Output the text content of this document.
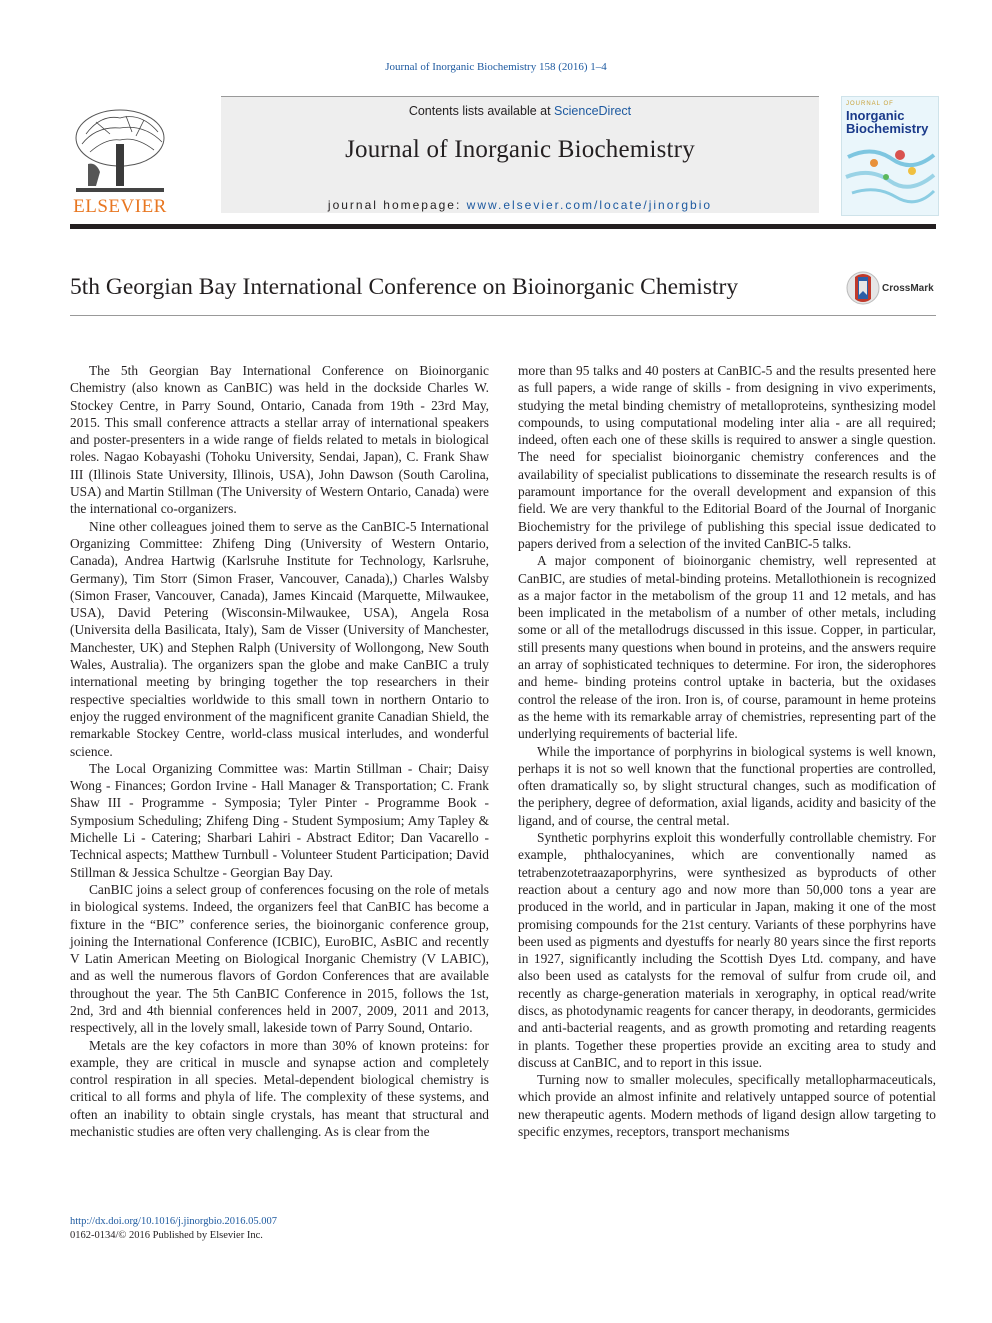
Journal of Inorganic Biochemistry 158 (2016) 1–4
Contents lists available at ScienceDirect
Journal of Inorganic Biochemistry
journal homepage: www.elsevier.com/locate/jinorgbio
ELSEVIER
JOURNAL OF
Inorganic
Biochemistry
5th Georgian Bay International Conference on Bioinorganic Chemistry	CrossMark

The 5th Georgian Bay International Conference on Bioinorganic Chemistry (also known as CanBIC) was held in the dockside Charles W. Stockey Centre, in Parry Sound, Ontario, Canada from 19th - 23rd May, 2015. This small conference attracts a stellar array of international speakers and poster-presenters in a wide range of fields related to metals in biological roles. Nagao Kobayashi (Tohoku University, Sendai, Japan), C. Frank Shaw III (Illinois State University, Illinois, USA), John Dawson (South Carolina, USA) and Martin Stillman (The University of Western Ontario, Canada) were the international co-organizers.

Nine other colleagues joined them to serve as the CanBIC-5 International Organizing Committee: Zhifeng Ding (University of Western Ontario, Canada), Andrea Hartwig (Karlsruhe Institute for Technology, Karlsruhe, Germany), Tim Storr (Simon Fraser, Vancouver, Canada),) Charles Walsby (Simon Fraser, Vancouver, Canada), James Kincaid (Marquette, Milwaukee, USA), David Petering (Wisconsin-Milwaukee, USA), Angela Rosa (Universita della Basilicata, Italy), Sam de Visser (University of Manchester, Manchester, UK) and Stephen Ralph (University of Wollongong, New South Wales, Australia). The organizers span the globe and make CanBIC a truly international meeting by bringing together the top researchers in their respective specialties worldwide to this small town in northern Ontario to enjoy the rugged environment of the magnificent granite Canadian Shield, the remarkable Stockey Centre, world-class musical interludes, and wonderful science.

The Local Organizing Committee was: Martin Stillman - Chair; Daisy Wong - Finances; Gordon Irvine - Hall Manager & Transportation; C. Frank Shaw III - Programme - Symposia; Tyler Pinter - Programme Book - Symposium Scheduling; Zhifeng Ding - Student Symposium; Amy Tapley & Michelle Li - Catering; Sharbari Lahiri - Abstract Editor; Dan Vacarello - Technical aspects; Matthew Turnbull - Volunteer Student Participation; David Stillman & Jessica Schultze - Georgian Bay Day.

CanBIC joins a select group of conferences focusing on the role of metals in biological systems. Indeed, the organizers feel that CanBIC has become a fixture in the “BIC” conference series, the bioinorganic conference group, joining the International Conference (ICBIC), EuroBIC, AsBIC and recently V Latin American Meeting on Biological Inorganic Chemistry (V LABIC), and as well the numerous flavors of Gordon Conferences that are available throughout the year. The 5th CanBIC Conference in 2015, follows the 1st, 2nd, 3rd and 4th biennial conferences held in 2007, 2009, 2011 and 2013, respectively, all in the lovely small, lakeside town of Parry Sound, Ontario.

Metals are the key cofactors in more than 30% of known proteins: for example, they are critical in muscle and synapse action and completely control respiration in all species. Metal-dependent biological chemistry is critical to all forms and phyla of life. The complexity of these systems, and often an inability to obtain single crystals, has meant that structural and mechanistic studies are often very challenging. As is clear from the

more than 95 talks and 40 posters at CanBIC-5 and the results presented here as full papers, a wide range of skills - from designing in vivo experiments, studying the metal binding chemistry of metalloproteins, synthesizing model compounds, to using computational modeling inter alia - are all required; indeed, often each one of these skills is required to answer a single question. The need for specialist bioinorganic chemistry conferences and the availability of specialist publications to disseminate the research results is of paramount importance for the overall development and expansion of this field. We are very thankful to the Editorial Board of the Journal of Inorganic Biochemistry for the privilege of publishing this special issue dedicated to papers derived from a selection of the invited CanBIC-5 talks.

A major component of bioinorganic chemistry, well represented at CanBIC, are studies of metal-binding proteins. Metallothionein is recognized as a major factor in the metabolism of the group 11 and 12 metals, and has been implicated in the metabolism of a number of other metals, including some or all of the metallodrugs discussed in this issue. Copper, in particular, still presents many questions when bound in proteins, and the answers require an array of sophisticated techniques to determine. For iron, the siderophores and heme- binding proteins control uptake in bacteria, but the oxidases control the release of the iron. Iron is, of course, paramount in heme proteins as the heme with its remarkable array of chemistries, representing part of the underlying requirements of bacterial life.

While the importance of porphyrins in biological systems is well known, perhaps it is not so well known that the functional properties are controlled, often dramatically so, by slight structural changes, such as modification of the periphery, degree of deformation, axial ligands, acidity and basicity of the ligand, and of course, the central metal.

Synthetic porphyrins exploit this wonderfully controllable chemistry. For example, phthalocyanines, which are conventionally named as tetrabenzotetraazaporphyrins, were synthesized as byproducts of other reaction about a century ago and now more than 50,000 tons a year are produced in the world, and in particular in Japan, making it one of the most promising compounds for the 21st century. Variants of these porphyrins have been used as pigments and dyestuffs for nearly 80 years since the first reports in 1927, significantly including the Scottish Dyes Ltd. company, and have also been used as catalysts for the removal of sulfur from crude oil, and recently as charge-generation materials in xerography, in optical read/write discs, as photodynamic reagents for cancer therapy, in deodorants, germicides and anti-bacterial reagents, and as growth promoting and retarding reagents in plants. Together these properties provide an exciting area to study and discuss at CanBIC, and to report in this issue.

Turning now to smaller molecules, specifically metallopharmaceuticals, which provide an almost infinite and relatively untapped source of potential new therapeutic agents. Modern methods of ligand design allow targeting to specific enzymes, receptors, transport mechanisms

http://dx.doi.org/10.1016/j.jinorgbio.2016.05.007
0162-0134/© 2016 Published by Elsevier Inc.
